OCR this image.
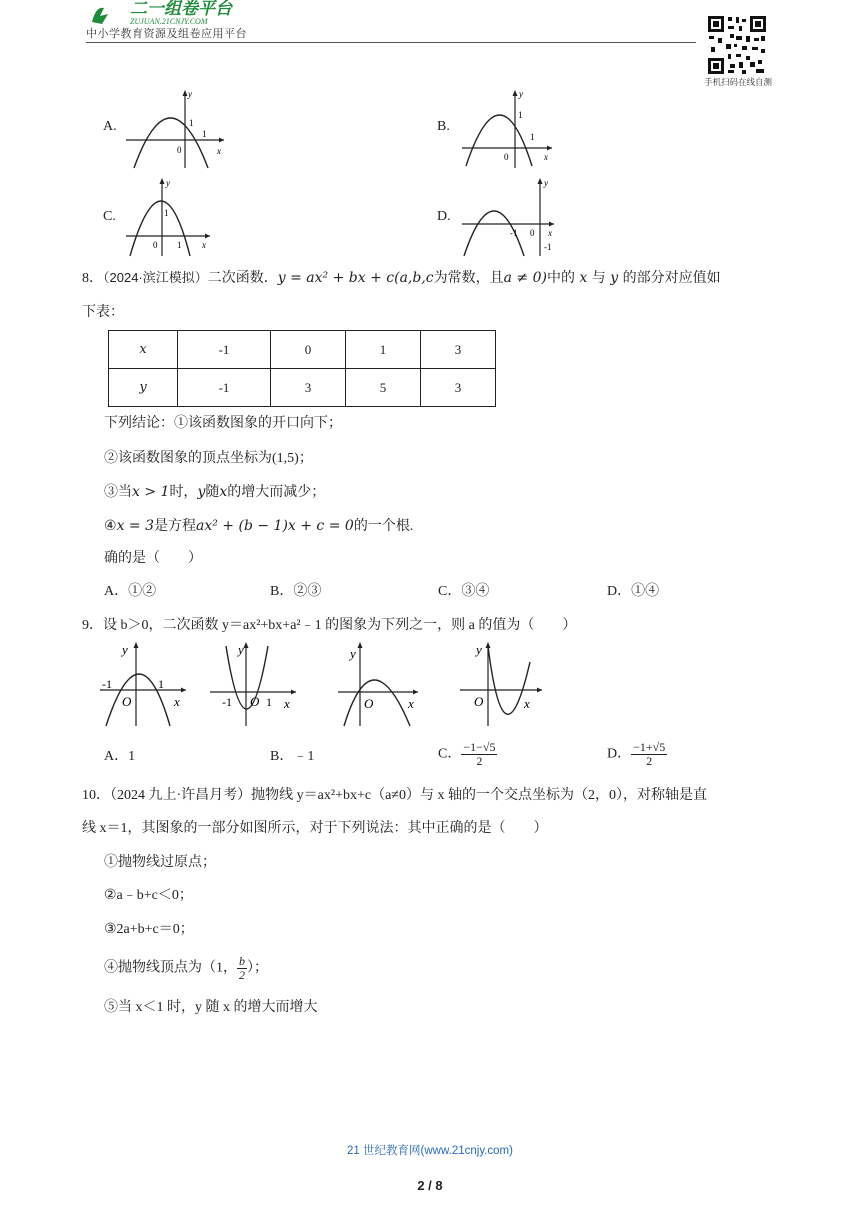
二一组卷平台
ZUJUAN.21CNJY.COM
中小学教育资源及组卷应用平台
手机扫码在线自测
A.
y
x
0
1
1	B.
y
x
0
1
1
C.
y
x
0
1
1
D.
y
x
0
-1
-1
8．（2024·滨江模拟）二次函数．y = ax² + bx + c(a,b,c为常数，且a ≠ 0)中的 x 与 y 的部分对应值如
下表：
x	-1	0	1	3
y	-1	3	5	3
下列结论：①该函数图象的开口向下；
②该函数图象的顶点坐标为(1,5)；
③当x > 1时，y随x的增大而减少；
④x = 3是方程ax² + (b − 1)x + c = 0的一个根.
确的是（　　）
A．①②	B．②③	C．③④	D．①④
9．设 b＞0，二次函数 y＝ax²+bx+a²﹣1 的图象为下列之一，则 a 的值为（　　）
y
-1	1
O	x
y
-1 O 1 x
y
O	x
y
O	x
A．1	B．﹣1	C． $\frac{-1-√5}{2}$	D． $\frac{-1+√5}{2}$
10．（2024 九上·许昌月考）抛物线 y＝ax²+bx+c（a≠0）与 x 轴的一个交点坐标为（2，0），对称轴是直
线 x＝1，其图象的一部分如图所示，对于下列说法：其中正确的是（　　）
①抛物线过原点；
②a﹣b+c＜0；
③2a+b+c＝0；
④抛物线顶点为（1， $\frac{b}{2}$ ）；
⑤当 x＜1 时，y 随 x 的增大而增大
21 世纪教育网(www.21cnjy.com)
2 / 8
